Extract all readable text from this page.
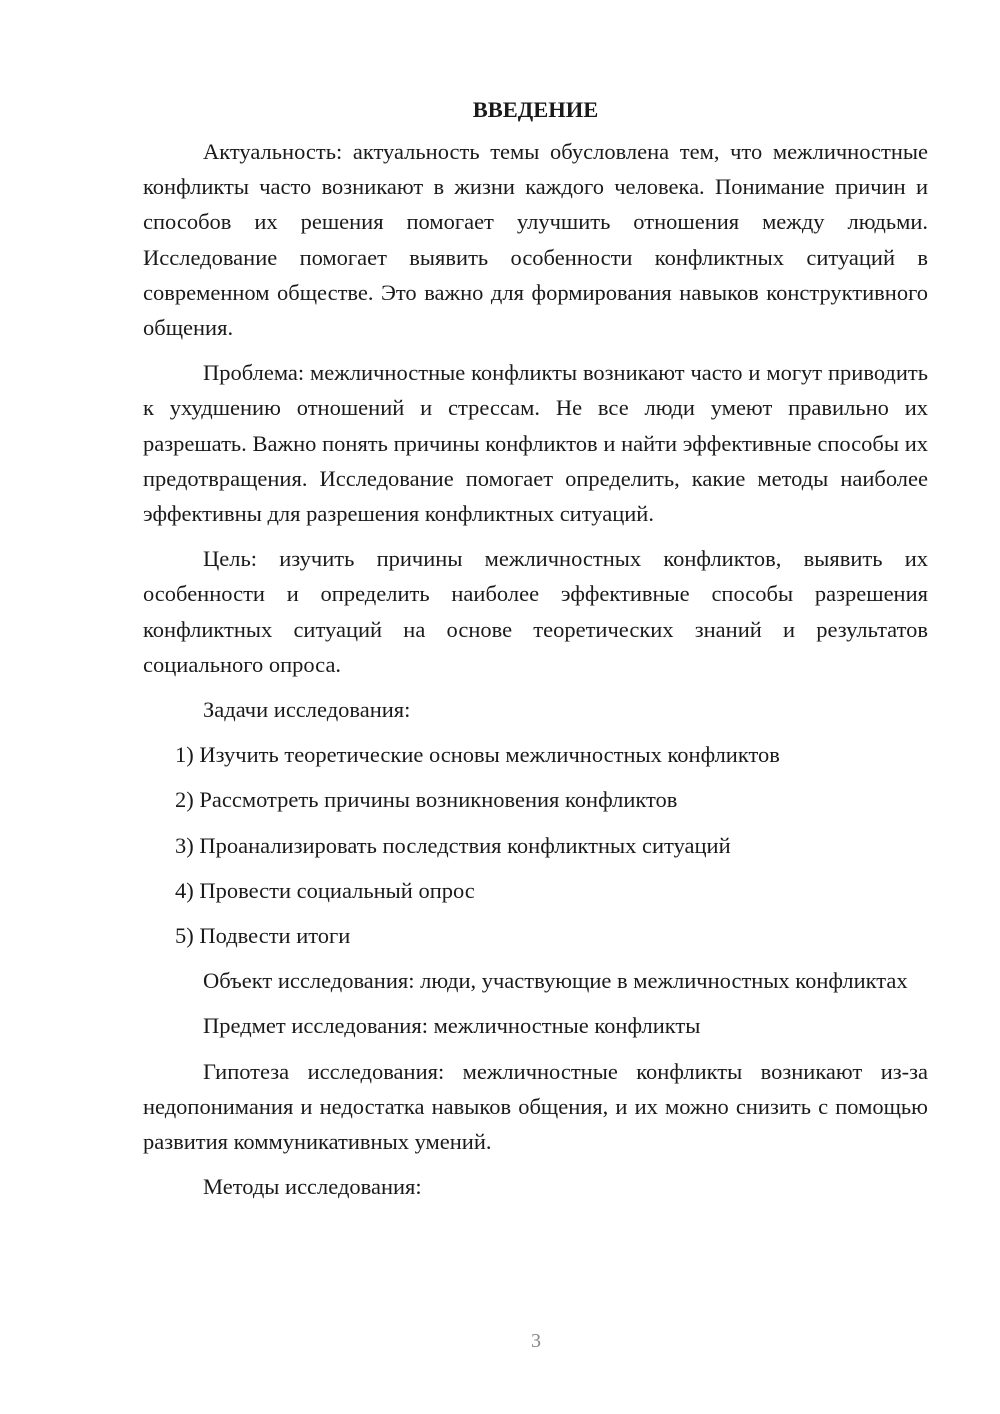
ВВЕДЕНИЕ

Актуальность: актуальность темы обусловлена тем, что межличностные конфликты часто возникают в жизни каждого человека. Понимание причин и способов их решения помогает улучшить отношения между людьми. Исследование помогает выявить особенности конфликтных ситуаций в современном обществе. Это важно для формирования навыков конструктивного общения.

Проблема: межличностные конфликты возникают часто и могут приводить к ухудшению отношений и стрессам. Не все люди умеют правильно их разрешать. Важно понять причины конфликтов и найти эффективные способы их предотвращения. Исследование помогает определить, какие методы наиболее эффективны для разрешения конфликтных ситуаций.

Цель: изучить причины межличностных конфликтов, выявить их особенности и определить наиболее эффективные способы разрешения конфликтных ситуаций на основе теоретических знаний и результатов социального опроса.

Задачи исследования:

1) Изучить теоретические основы межличностных конфликтов
2) Рассмотреть причины возникновения конфликтов
3) Проанализировать последствия конфликтных ситуаций
4) Провести социальный опрос
5) Подвести итоги

Объект исследования: люди, участвующие в межличностных конфликтах

Предмет исследования: межличностные конфликты

Гипотеза исследования: межличностные конфликты возникают из-за недопонимания и недостатка навыков общения, и их можно снизить с помощью развития коммуникативных умений.

Методы исследования:

3
